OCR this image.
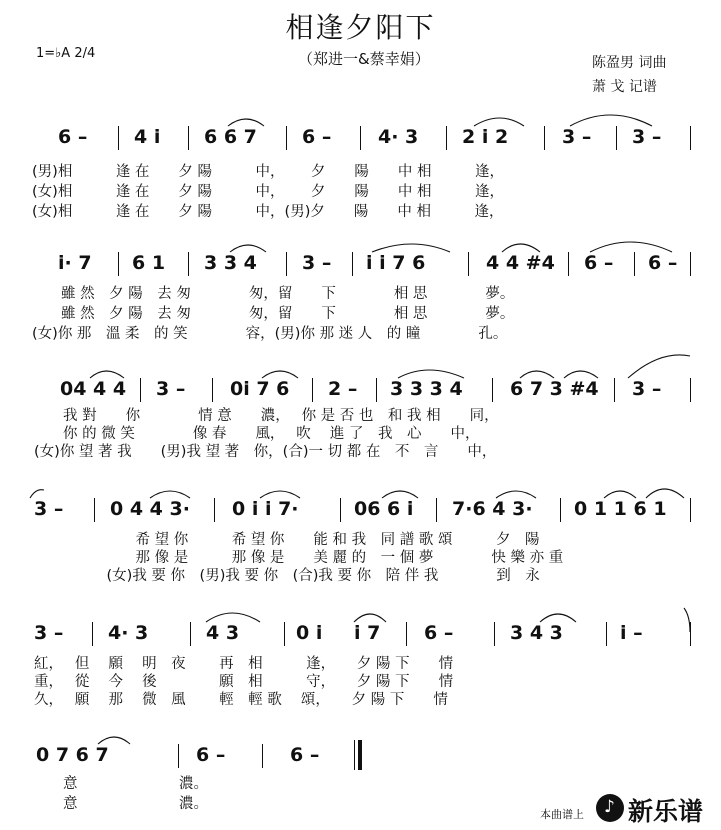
相逢夕阳下
（郑进一&蔡幸娟）
1=♭A 2/4
陈盈男 词曲
萧 戈 记谱
6 – 4 i 6 6 7 6 – 4· 3 2 i 2	3 – 3 –
(男)相　　　逢 在　　夕 陽　　　中，　　 夕　　陽　　中 相　　　逢，
(女)相　　　逢 在　　夕 陽　　　中，　　 夕　　陽　　中 相　　　逢，
(女)相　　　逢 在　　夕 陽　　　中，(男)夕　　陽　　中 相　　　逢，
i· 7 6 1 3 3 4 3 – i i 7 6	4 4 #4 6 – 6 –
　　雖 然　夕 陽　去 匆　　　　匆，留　　下　　　　相 思　　　　夢。
　　雖 然　夕 陽　去 匆　　　　匆，留　　下　　　　相 思　　　　夢。
(女)你 那　溫 柔　的 笑　　　　容，(男)你 那 迷 人　的 瞳　　　　孔。
04 4 4 3 – 0i 7 6 2 – 3 3 3 4 6 7 3 #4 3 –
　　我 對　　你　　　　情 意　　濃，　 你 是 否 也　和 我 相　　同，
　　你 的 微 笑　　　　像 春　　風，　 吹　 進 了　我　心　　中，
(女)你 望 著 我　　(男)我 望 著　你，(合)一 切 都 在　不　言　　中，
3 – 0 4 4 3· 0 i i 7·	06 6 i 7·6 4 3· 0 1 1 6 1
　　　　　　　希 望 你　　　希 望 你　　能 和 我　同 譜 歌 頌　　　夕　陽
　　　　　　　那 像 是　　　那 像 是　　美 麗 的　一 個 夢　　　　快 樂 亦 重
　　　　　(女)我 要 你　(男)我 要 你　(合)我 要 你　陪 伴 我　　　　到　永
3 – 4· 3	4 3	0 i i 7 6 –	3 4 3	i –
紅，　 但　 願　 明　夜　　 再　相　　　逢，　　夕 陽 下　　情
重，　 從　 今　 後　　　　 願　相　　　守，　　夕 陽 下　　情
久，　 願　 那　 微　風　　 輕　輕 歌　 頌，　　夕 陽 下　　情
0 7 6 7	6 –	6 –
　　意　　　　　　　濃。
　　意　　　　　　　濃。
本曲谱上 ♪ 新乐谱
